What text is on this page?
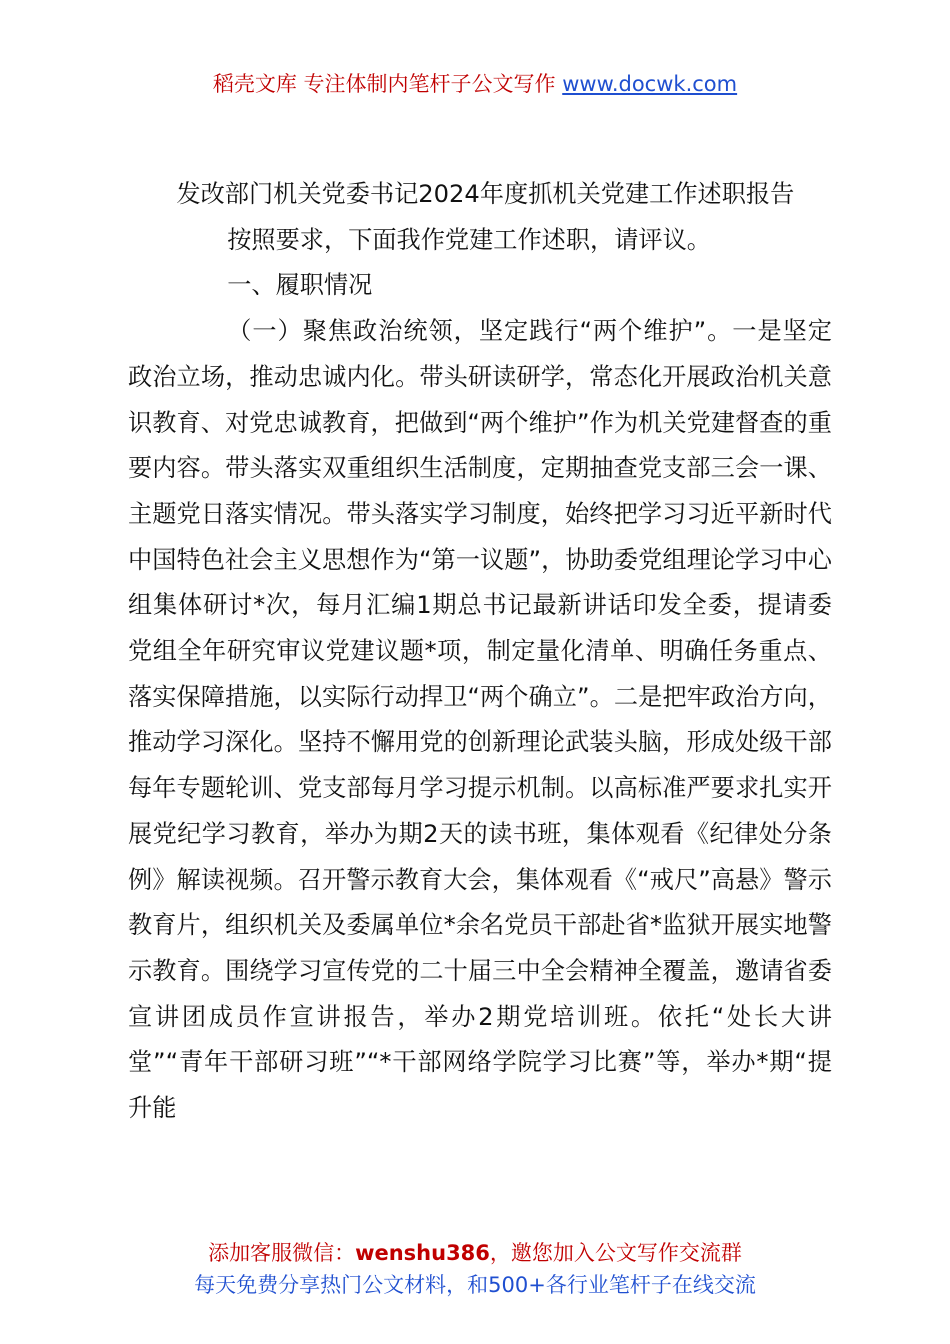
稻壳文库 专注体制内笔杆子公文写作 www.docwk.com

发改部门机关党委书记2024年度抓机关党建工作述职报告

按照要求，下面我作党建工作述职，请评议。

一、履职情况

（一）聚焦政治统领，坚定践行“两个维护”。一是坚定政治立场，推动忠诚内化。带头研读研学，常态化开展政治机关意识教育、对党忠诚教育，把做到“两个维护”作为机关党建督查的重要内容。带头落实双重组织生活制度，定期抽查党支部三会一课、主题党日落实情况。带头落实学习制度，始终把学习习近平新时代中国特色社会主义思想作为“第一议题”，协助委党组理论学习中心组集体研讨*次，每月汇编1期总书记最新讲话印发全委，提请委党组全年研究审议党建议题*项，制定量化清单、明确任务重点、落实保障措施，以实际行动捍卫“两个确立”。二是把牢政治方向，推动学习深化。坚持不懈用党的创新理论武装头脑，形成处级干部每年专题轮训、党支部每月学习提示机制。以高标准严要求扎实开展党纪学习教育，举办为期2天的读书班，集体观看《纪律处分条例》解读视频。召开警示教育大会，集体观看《“戒尺”高悬》警示教育片，组织机关及委属单位*余名党员干部赴省*监狱开展实地警示教育。围绕学习宣传党的二十届三中全会精神全覆盖，邀请省委宣讲团成员作宣讲报告，举办2期党培训班。依托“处长大讲堂”“青年干部研习班”“*干部网络学院学习比赛”等，举办*期“提升能

添加客服微信：wenshu386，邀您加入公文写作交流群
每天免费分享热门公文材料，和500+各行业笔杆子在线交流
